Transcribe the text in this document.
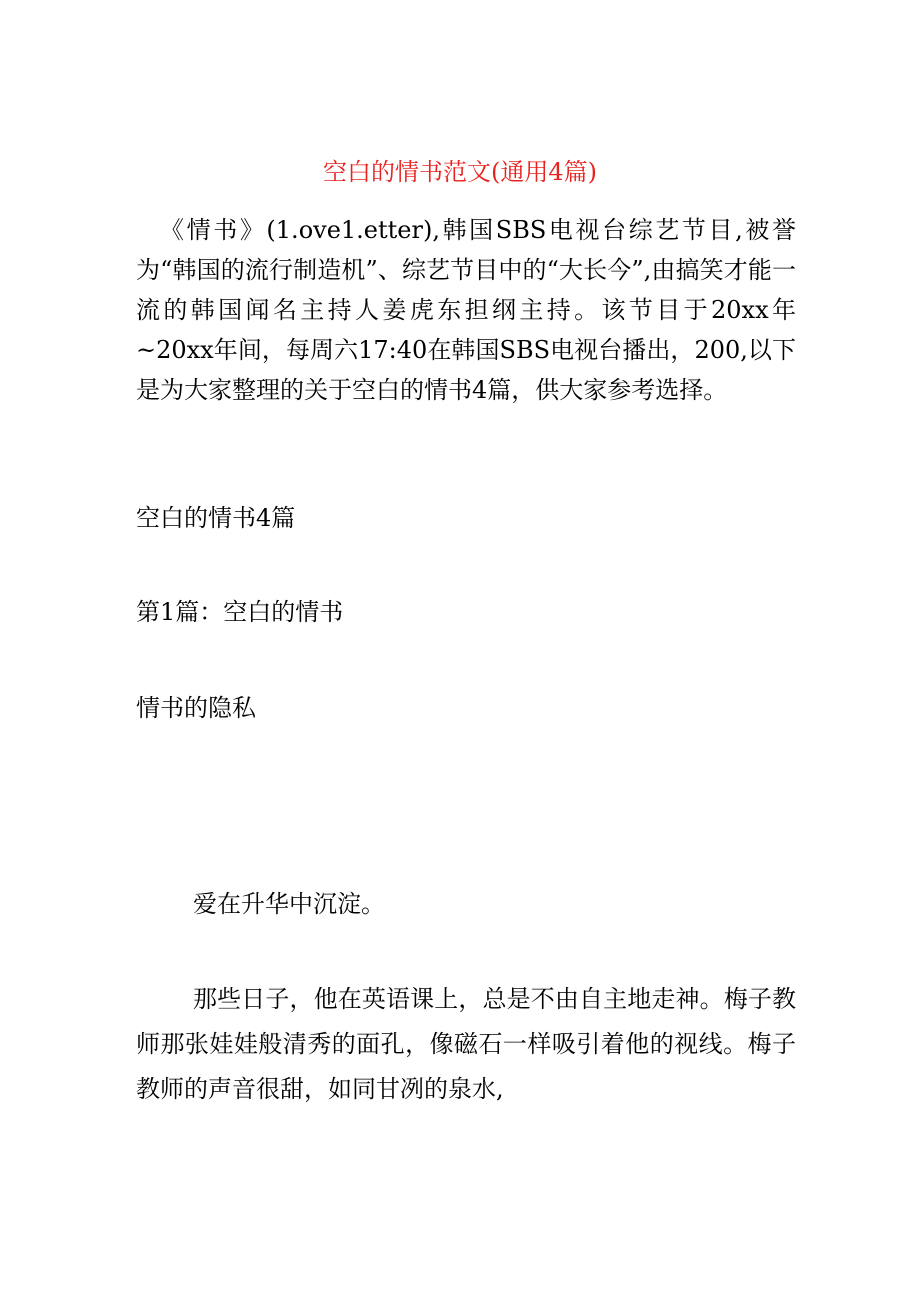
空白的情书范文(通用4篇)

《情书》(1.ove1.etter),韩国SBS电视台综艺节目,被誉为“韩国的流行制造机”、综艺节目中的“大长今”,由搞笑才能一流的韩国闻名主持人姜虎东担纲主持。该节目于20xx年~20xx年间，每周六17:40在韩国SBS电视台播出，200,以下是为大家整理的关于空白的情书4篇，供大家参考选择。

空白的情书4篇
第1篇：空白的情书
情书的隐私

爱在升华中沉淀。

那些日子，他在英语课上，总是不由自主地走神。梅子教师那张娃娃般清秀的面孔，像磁石一样吸引着他的视线。梅子教师的声音很甜，如同甘冽的泉水,
